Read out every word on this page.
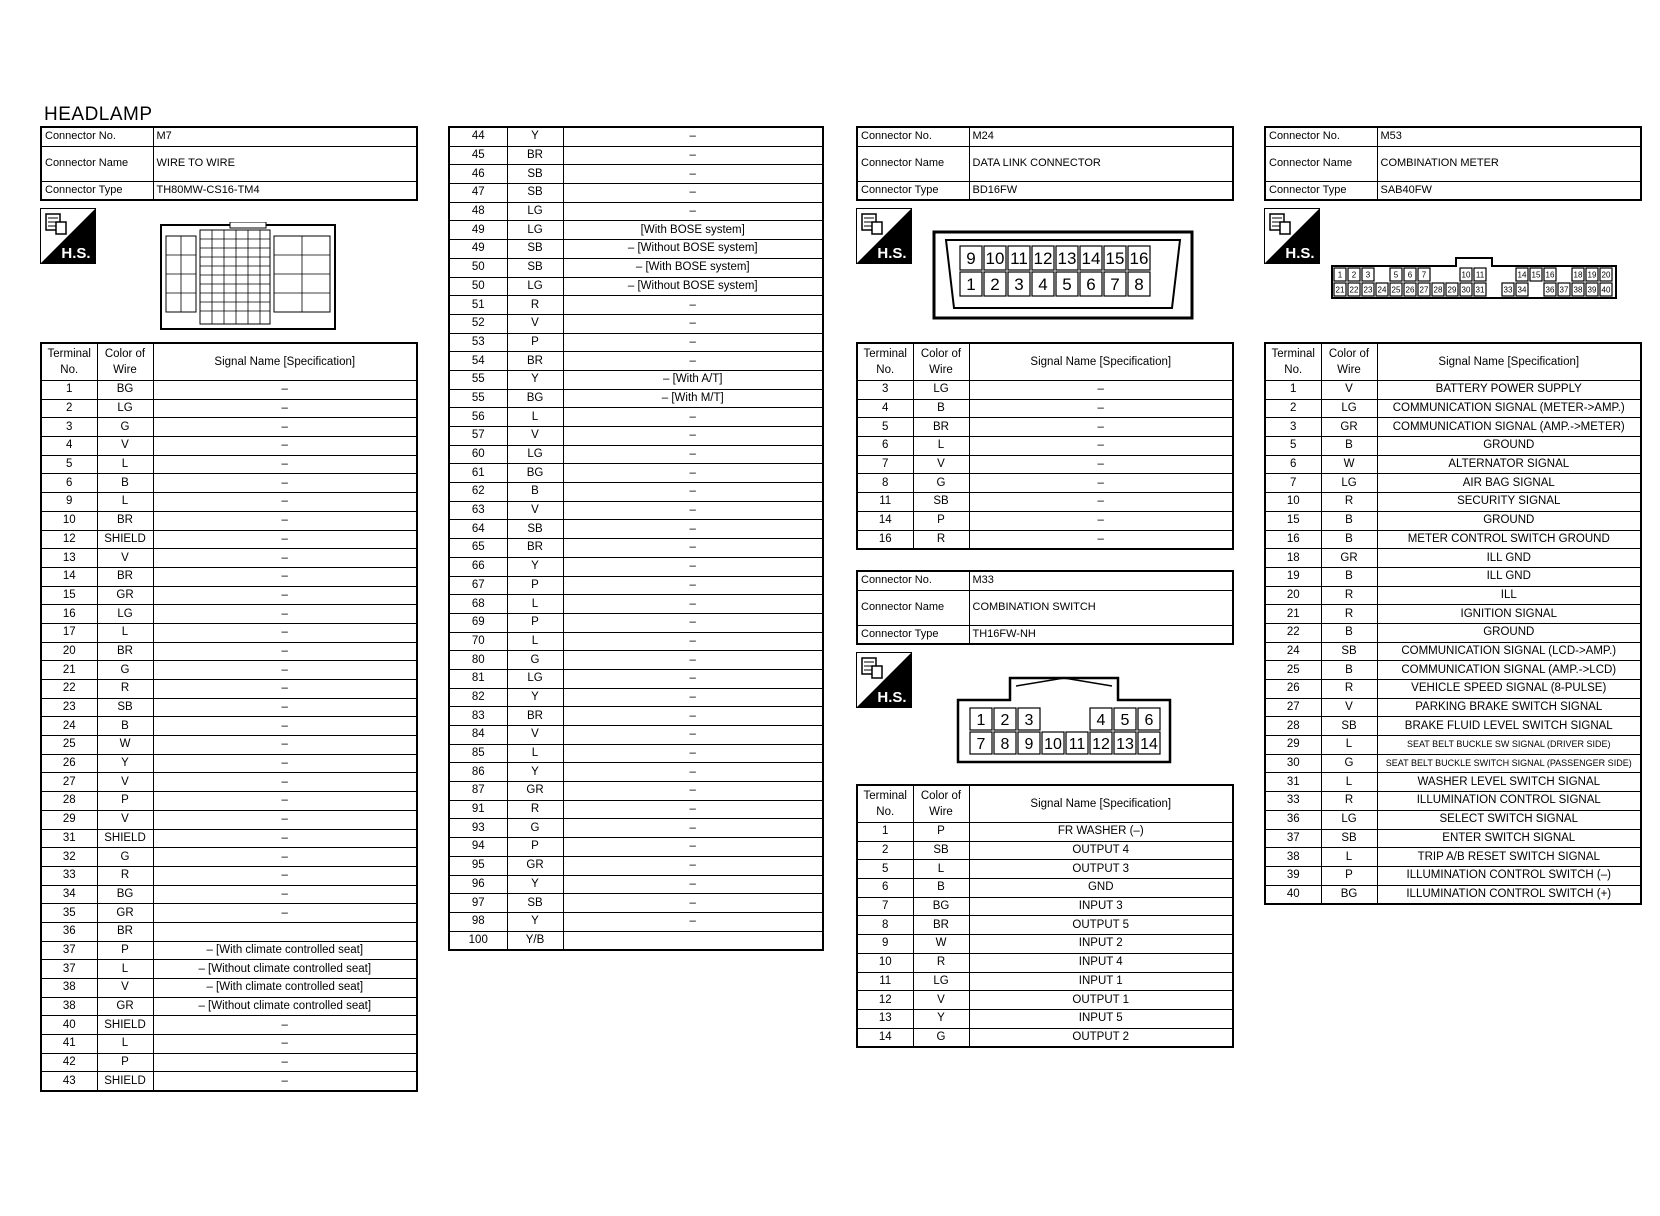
HEADLAMP
Connector No.	M7
Connector Name	WIRE TO WIRE
Connector Type	TH80MW-CS16-TM4
H.S.
Terminal No.	Color of Wire	Signal Name [Specification]
1	BG	–
2	LG	–
3	G	–
4	V	–
5	L	–
6	B	–
9	L	–
10	BR	–
12	SHIELD	–
13	V	–
14	BR	–
15	GR	–
16	LG	–
17	L	–
20	BR	–
21	G	–
22	R	–
23	SB	–
24	B	–
25	W	–
26	Y	–
27	V	–
28	P	–
29	V	–
31	SHIELD	–
32	G	–
33	R	–
34	BG	–
35	GR	–
36	BR	
37	P	– [With climate controlled seat]
37	L	– [Without climate controlled seat]
38	V	– [With climate controlled seat]
38	GR	– [Without climate controlled seat]
40	SHIELD	–
41	L	–
42	P	–
43	SHIELD	–
44	Y	–
45	BR	–
46	SB	–
47	SB	–
48	LG	–
49	LG	[With BOSE system]
49	SB	– [Without BOSE system]
50	SB	– [With BOSE system]
50	LG	– [Without BOSE system]
51	R	–
52	V	–
53	P	–
54	BR	–
55	Y	– [With A/T]
55	BG	– [With M/T]
56	L	–
57	V	–
60	LG	–
61	BG	–
62	B	–
63	V	–
64	SB	–
65	BR	–
66	Y	–
67	P	–
68	L	–
69	P	–
70	L	–
80	G	–
81	LG	–
82	Y	–
83	BR	–
84	V	–
85	L	–
86	Y	–
87	GR	–
91	R	–
93	G	–
94	P	–
95	GR	–
96	Y	–
97	SB	–
98	Y	–
100	Y/B	
Connector No.	M24
Connector Name	DATA LINK CONNECTOR
Connector Type	BD16FW
H.S.	9 10 11 12 13 14 15 16
1 2 3 4 5 6 7 8
Terminal No.	Color of Wire	Signal Name [Specification]
3	LG	–
4	B	–
5	BR	–
6	L	–
7	V	–
8	G	–
11	SB	–
14	P	–
16	R	–
Connector No.	M33
Connector Name	COMBINATION SWITCH
Connector Type	TH16FW-NH
H.S.
1 2 3	4 5 6
7 8 9 10 11 12 13 14
Terminal No.	Color of Wire	Signal Name [Specification]
1	P	FR WASHER (–)
2	SB	OUTPUT 4
5	L	OUTPUT 3
6	B	GND
7	BG	INPUT 3
8	BR	OUTPUT 5
9	W	INPUT 2
10	R	INPUT 4
11	LG	INPUT 1
12	V	OUTPUT 1
13	Y	INPUT 5
14	G	OUTPUT 2
Connector No.	M53
Connector Name	COMBINATION METER
Connector Type	SAB40FW
H.S.
1 2 3	5 6 7	10 11	14 15 16 18 19 20
21 22 23 24 25 26 27 28 29 30 31 33 34 36 37 38 39 40
Terminal No.	Color of Wire	Signal Name [Specification]
1	V	BATTERY POWER SUPPLY
2	LG	COMMUNICATION SIGNAL (METER->AMP.)
3	GR	COMMUNICATION SIGNAL (AMP.->METER)
5	B	GROUND
6	W	ALTERNATOR SIGNAL
7	LG	AIR BAG SIGNAL
10	R	SECURITY SIGNAL
15	B	GROUND
16	B	METER CONTROL SWITCH GROUND
18	GR	ILL GND
19	B	ILL GND
20	R	ILL
21	R	IGNITION SIGNAL
22	B	GROUND
24	SB	COMMUNICATION SIGNAL (LCD->AMP.)
25	B	COMMUNICATION SIGNAL (AMP.->LCD)
26	R	VEHICLE SPEED SIGNAL (8-PULSE)
27	V	PARKING BRAKE SWITCH SIGNAL
28	SB	BRAKE FLUID LEVEL SWITCH SIGNAL
29	L	SEAT BELT BUCKLE SW SIGNAL (DRIVER SIDE)
30	G	SEAT BELT BUCKLE SWITCH SIGNAL (PASSENGER SIDE)
31	L	WASHER LEVEL SWITCH SIGNAL
33	R	ILLUMINATION CONTROL SIGNAL
36	LG	SELECT SWITCH SIGNAL
37	SB	ENTER SWITCH SIGNAL
38	L	TRIP A/B RESET SWITCH SIGNAL
39	P	ILLUMINATION CONTROL SWITCH (–)
40	BG	ILLUMINATION CONTROL SWITCH (+)
